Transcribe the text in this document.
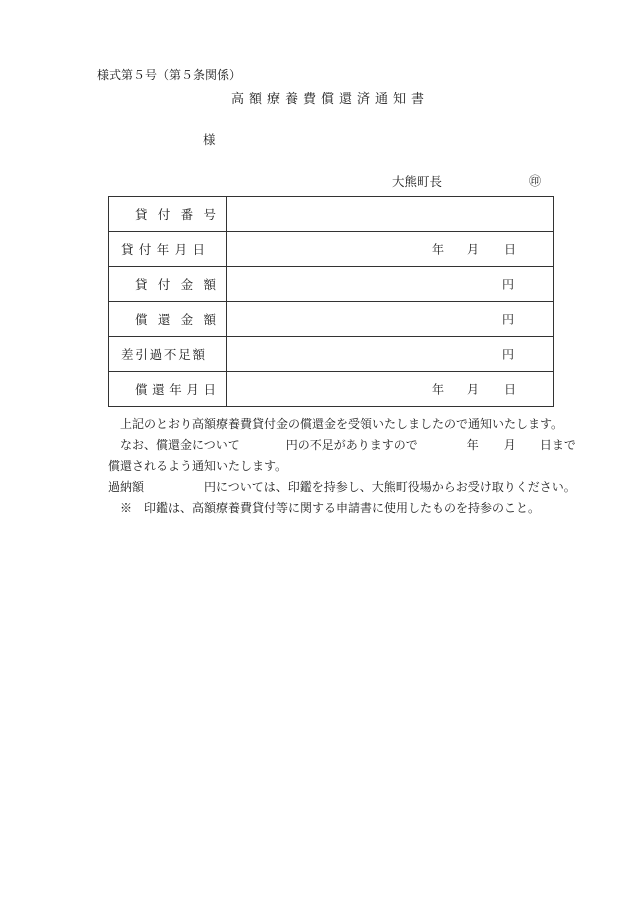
様式第５号（第５条関係）
高額療養費償還済通知書
様
大熊町長	㊞
貸付番号	

貸付年月日	年 月 日

貸付金額	円

償還金額	円

差引過不足額	円

償還年月日	年 月 日
上記のとおり高額療養費貸付金の償還金を受領いたしましたので通知いたします。
なお、償還金について	円の不足がありますので	年 月 日まで
償還されるよう通知いたします。
過納額	円については、印鑑を持参し、大熊町役場からお受け取りください。
※　印鑑は、高額療養費貸付等に関する申請書に使用したものを持参のこと。
